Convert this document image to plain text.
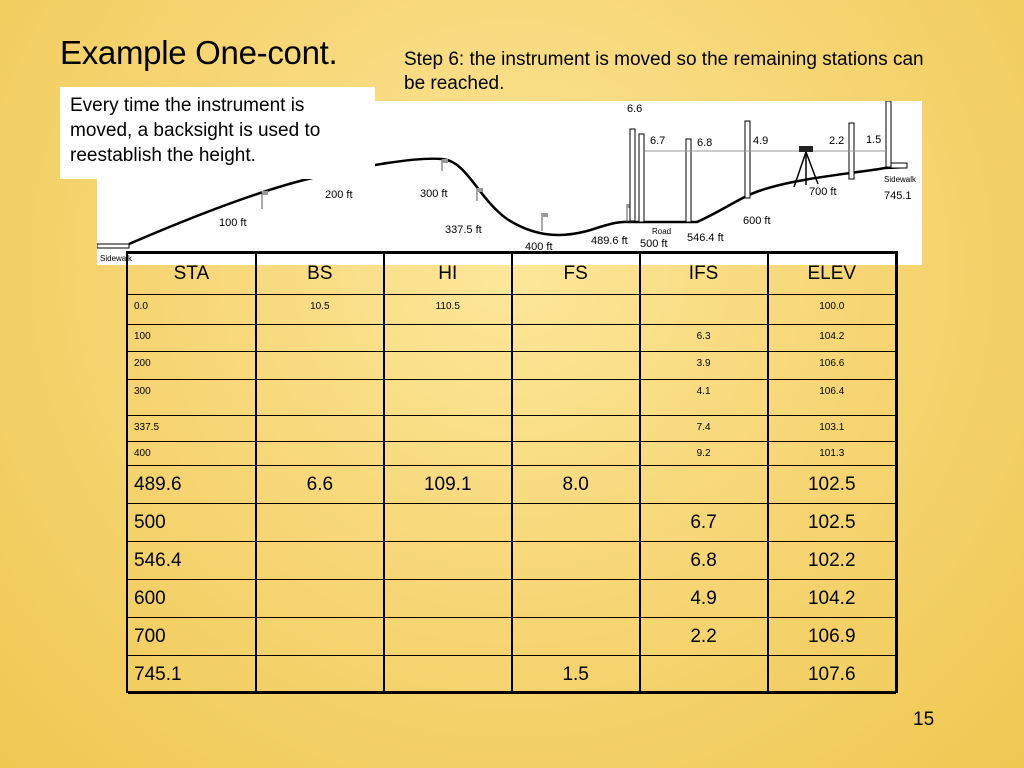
Example One-cont.	Step 6: the instrument is moved so the remaining stations can be reached.
Sidewalk
Road
Sidewalk
6.6
6.7	6.8	4.9	2.2 1.5
100 ft
200 ft	300 ft
337.5 ft
400 ft	489.6 ft 500 ft 546.4 ft
600 ft
700 ft	745.1
Every time the instrument is moved, a backsight is used to reestablish the height.
STA	BS	HI	FS	IFS	ELEV
0.0	10.5	110.5			100.0
100				6.3	104.2
200				3.9	106.6
300				4.1	106.4
337.5				7.4	103.1
400				9.2	101.3
489.6	6.6	109.1	8.0		102.5
500				6.7	102.5
546.4				6.8	102.2
600				4.9	104.2
700				2.2	106.9
745.1			1.5		107.6
15
